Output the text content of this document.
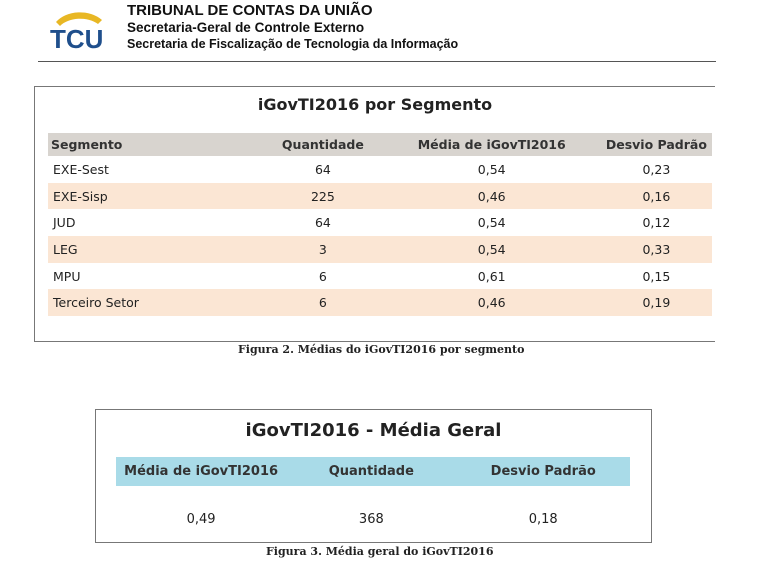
TCU
TRIBUNAL DE CONTAS DA UNIÃO
Secretaria-Geral de Controle Externo
Secretaria de Fiscalização de Tecnologia da Informação
iGovTI2016 por Segmento
Segmento	Quantidade	Média de iGovTI2016	Desvio Padrão
EXE-Sest	64	0,54	0,23
EXE-Sisp	225	0,46	0,16
JUD	64	0,54	0,12
LEG	3	0,54	0,33
MPU	6	0,61	0,15
Terceiro Setor	6	0,46	0,19
Figura 2. Médias do iGovTI2016 por segmento
iGovTI2016 - Média Geral
Média de iGovTI2016	Quantidade	Desvio Padrão
0,49	368	0,18
Figura 3. Média geral do iGovTI2016
